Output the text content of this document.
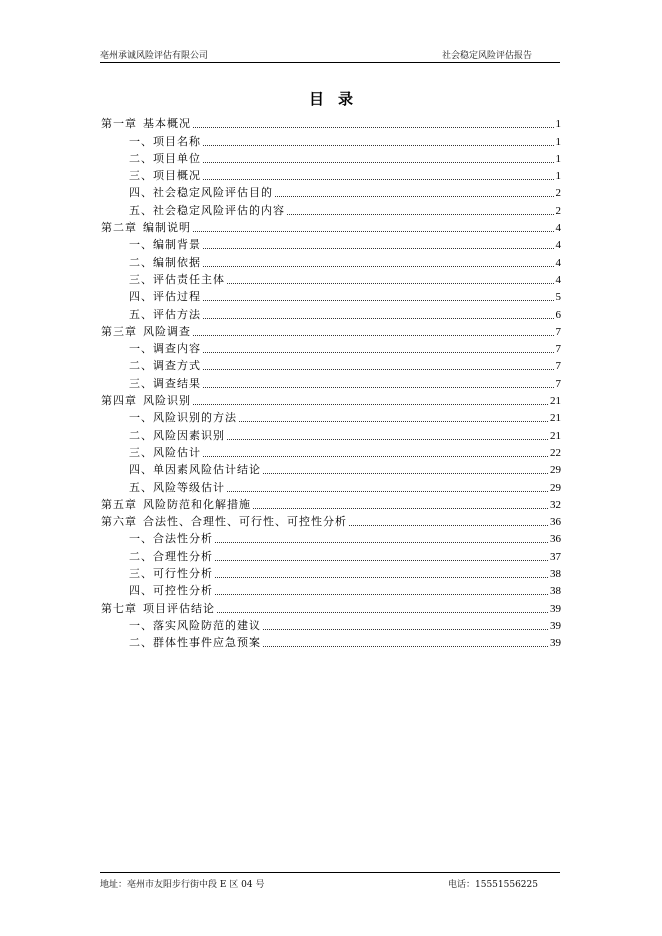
亳州承诚风险评估有限公司	社会稳定风险评估报告
目录
第一章 基本概况	1
一、项目名称	1
二、项目单位	1
三、项目概况	1
四、社会稳定风险评估目的	2
五、社会稳定风险评估的内容	2
第二章 编制说明	4
一、编制背景	4
二、编制依据	4
三、评估责任主体	4
四、评估过程	5
五、评估方法	6
第三章 风险调查	7
一、调查内容	7
二、调查方式	7
三、调查结果	7
第四章 风险识别	21
一、风险识别的方法	21
二、风险因素识别	21
三、风险估计	22
四、单因素风险估计结论	29
五、风险等级估计	29
第五章 风险防范和化解措施	32
第六章 合法性、合理性、可行性、可控性分析	36
一、合法性分析	36
二、合理性分析	37
三、可行性分析	38
四、可控性分析	38
第七章 项目评估结论	39
一、落实风险防范的建议	39
二、群体性事件应急预案	39
地址：亳州市友阳步行街中段 E 区 04 号	电话：15551556225
